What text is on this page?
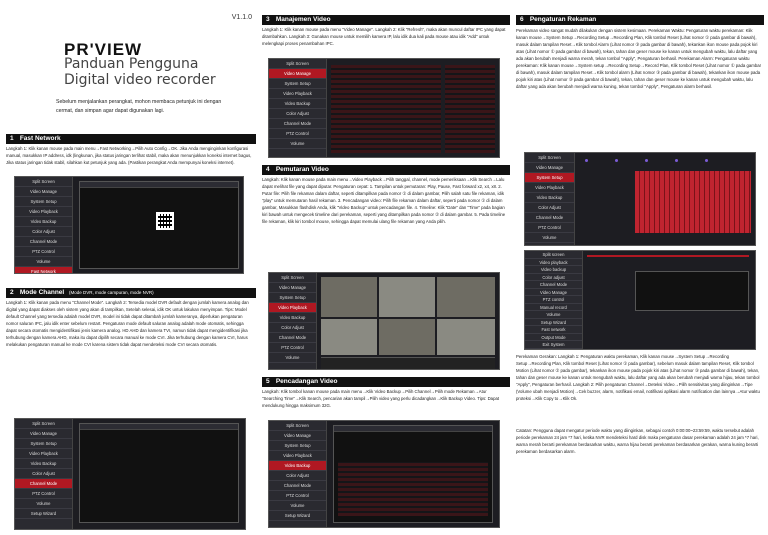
V1.1.0
PR'VIEW
Panduan Pengguna
Digital video recorder
Sebelum menjalankan perangkat, mohon membaca petunjuk ini dengan cermat, dan simpan agar dapat digunakan lagi.
1 Fast Network
Langkah 1: Klik kanan mouse pada main menu→Fast Networking→Pilih Auto Config→OK. Jika Anda menginginkan konfigurasi manual, masukkan IP address, idk (lingkunan, jika status jaringan terlihat stabil, maka akan menunjukkan koneksi internet bagus, Jika status jaringan tidak stabil, silahkan kut petunjuk yang ada. (Pastikan perangkat Anda mempunyai koneksi internet).
Split Screen
Video Manage
System Setup
Video Playback
Video Backup
Color Adjust
Channel Mode
PTZ Control
Volume
Fast Network
2 Mode Channel (Mode DVR, mode campuran, mode NVR)
Langkah 1: Klik kanan pada menu "Channel Mode". Langkah 2: Tersedia model DVR default dengan jumlah kamera analog dan digital yang dapat diakses oleh sistem yang akan di tampilkan, Setelah selesai, idik OK untuk lakukan menyimpan. Tips: Model default Channel yang tersedia adalah model DVR, model ini tidak dapat ditambah jumlah kameranya, diperlukan pengaturan nomor saluran IPC, jalu idik enter sebelum restart. Pengaturan mode default saluran analog adalah mode otomatis, sehingga dapat secara otomatis mengidentifikasi jenis kamera analog. HD AHD dan kamera TVI, namun tidak dapat mengidentifikasi jika terhubung dengan kamera AHD, maka itu dapat dipilih secara manual ke mode CVI. Jika terhubung dengan kamera CVI, harus melakukan pengaturan manual ke mode CVI karena sistem tidak dapat mendeteksi mode CVI secara otomatis.
Split Screen
Video Manage
System Setup
Video Playback
Video Backup
Color Adjust
Channel Mode
PTZ Control
Volume
Setup Wizard
3 Manajemen Video
Langkah 1: Klik kanan mouse pada menu "Video Manage". Langkah 2: Klik "Refresh", maka akan muncul daftar IPC yang dapat ditambahkan. Langkah 3: Gunakan mouse untuk memilih kamera IP, lalu idik dua kali pada mouse atau idik "Add" untuk melengkapi proses penambahan IPC.
Split Screen
Video Manage
System Setup
Video Playback
Video Backup
Color Adjust
Channel Mode
PTZ Control
Volume
4 Pemutaran Video
Langkah: Klik kanan mouse pada main menu→Video Playback→Pilih tanggal, channel, mode pemeriksaan→Klik Search→Lalu dapat melihat file yang dapat diputar. Pengaturan cepat: 1. Tampilan untuk pemutaran: Play, Pause, Fast forward x2, x4, x8. 2. Putar file: Pilih file rekaman dalam daftar, seperti ditampilkan pada nomor ① di dalam gambar, Pilih salah satu file rekaman, idik "play" untuk memutaran hasil rekaman. 3. Pencadangan video: Pilih file rekaman dalam daftar, seperti pada nomor ① di dalam gambar, Masukkan flashdisk Anda, klik "Video Backup" untuk pencadangan file. 4. Timeline: Klik "Date" dan "Time" pada bagian kiri bawah untuk mengecek timeline dari perekaman, seperti yang ditampilkan pada nomor ② di dalam gambar. 5. Pada timeline file rekaman, klik kiri tombol mouse, sehingga dapat memulai ulang file rekaman yang Anda pilih.
Split Screen
Video Manage
System Setup
Video Playback
Video Backup
Color Adjust
Channel Mode
PTZ Control
Volume
5 Pencadangan Video
Langkah: Klik tombol kanan mouse pada main menu→Klik Video Backup→Pilih Channel→Pilih mode Rekaman→Atur "Searching Time"→Klik Search, pencarian akan tampil→Pilih video yang perlu dicadangkan→Klik Backup Video. Tips: Dapat mendukung hingga maksimum 32G.
Split Screen
Video Manage
System Setup
Video Playback
Video Backup
Color Adjust
Channel Mode
PTZ Control
Volume
Setup Wizard
6 Pengaturan Rekaman
Perekaman video sangat mudah dilakukan dengan sistem kesimaan. Perekaman Waktu: Pengaturan waktu perekaman: Klik kanan mouse→System Setup→Recording Setup→Recording Plan, Klik tombol Reset (Lihat nomor ① pada gambar di bawah), masuk dalam tampilan Reset→Klik tombol Alarm (Lihat nomor ③ pada gambar di bawah), tekankan ikon mouse pada pojok kiri atas (Lihat nomor ① pada gambar di bawah), tekan, tahan dan geser mouse ke kanan untuk mengubah waktu, lalu daftar yang ada akan berubah menjadi warna merah, tekan tombol "Apply", Pengaturan berhasil. Perekaman Alarm: Pengaturan waktu perekaman: Klik kanan mouse→System setup→Recording Setup→Record Plan, Klik tombol Reset (Lihat nomor ① pada gambar di bawah), masuk dalam tampilan Reset→Klik tombol alarm (Lihat nomor ③ pada gambar di bawah), tekankan ikon mouse pada pojok kiri atas (Lihat nomor ③ pada gambar di bawah), tekan, tahan dan geser mouse ke kanan untuk mengubah waktu, lalu daftar yang ada akan berubah menjadi warna kuning, tekan tombol "Apply", Pengaturan alarm berhasil.
Split Screen
Video Manage
System Setup
Video Playback
Video Backup
Color Adjust
Channel Mode
PTZ Control
Volume
Split screen
Video playback
Video backup
Color adjust
Channel Mode
Video Manage
PTZ control
Manual record
Volume
Setup Wizard
Fast network
Output Mode
Exit System
Perekaman Gerakan: Langkah 1: Pengaturan waktu perekaman, Klik kanan mouse→System Setup→Recording Setup→Recording Plan, Klik tombol Reset (Lihat nomor ① pada gambar), sebelum masuk dalam tampilan Reset, Klik tombol Motion (Lihat nomor ② pada gambar), tekankan ikon mouse pada pojok kiri atas (Lihat nomor ③ pada gambar di bawah), tekan, tahan dan geser mouse ke kanan untuk mengubah waktu, lalu daftar yang ada akan berubah menjadi warna hijau, tekan tombol "Apply", Pengaturan berhasil. Langkah 2: Pilih pengaturan Channel→Deteksi Video→Pilih sensitivitas yang diinginkan→Tipe (Volume ubah menjadi Motion)→Cek buzzer, alarm, notifikasi email, notifikasi aplikasi alarm notification dan lainnya→Atur waktu proteksi→Klik Copy to→Klik Ok.
Catatan: Pengguna dapat mengatur periode waktu yang diinginkan, sebagai contoh 0:00:00~23:59:59, waktu tersebut adalah periode perekaman 24 jam *7 hari, ketika NVR mendeteksi hard disk maka pengaturan dasar perekaman adalah 24 jam *7 hari, warna merah berarti perekaman berdasarkan waktu, warna hijau berarti perekaman berdasarkan gerakan, warna kuning berarti perekaman berdasarkan alarm.
